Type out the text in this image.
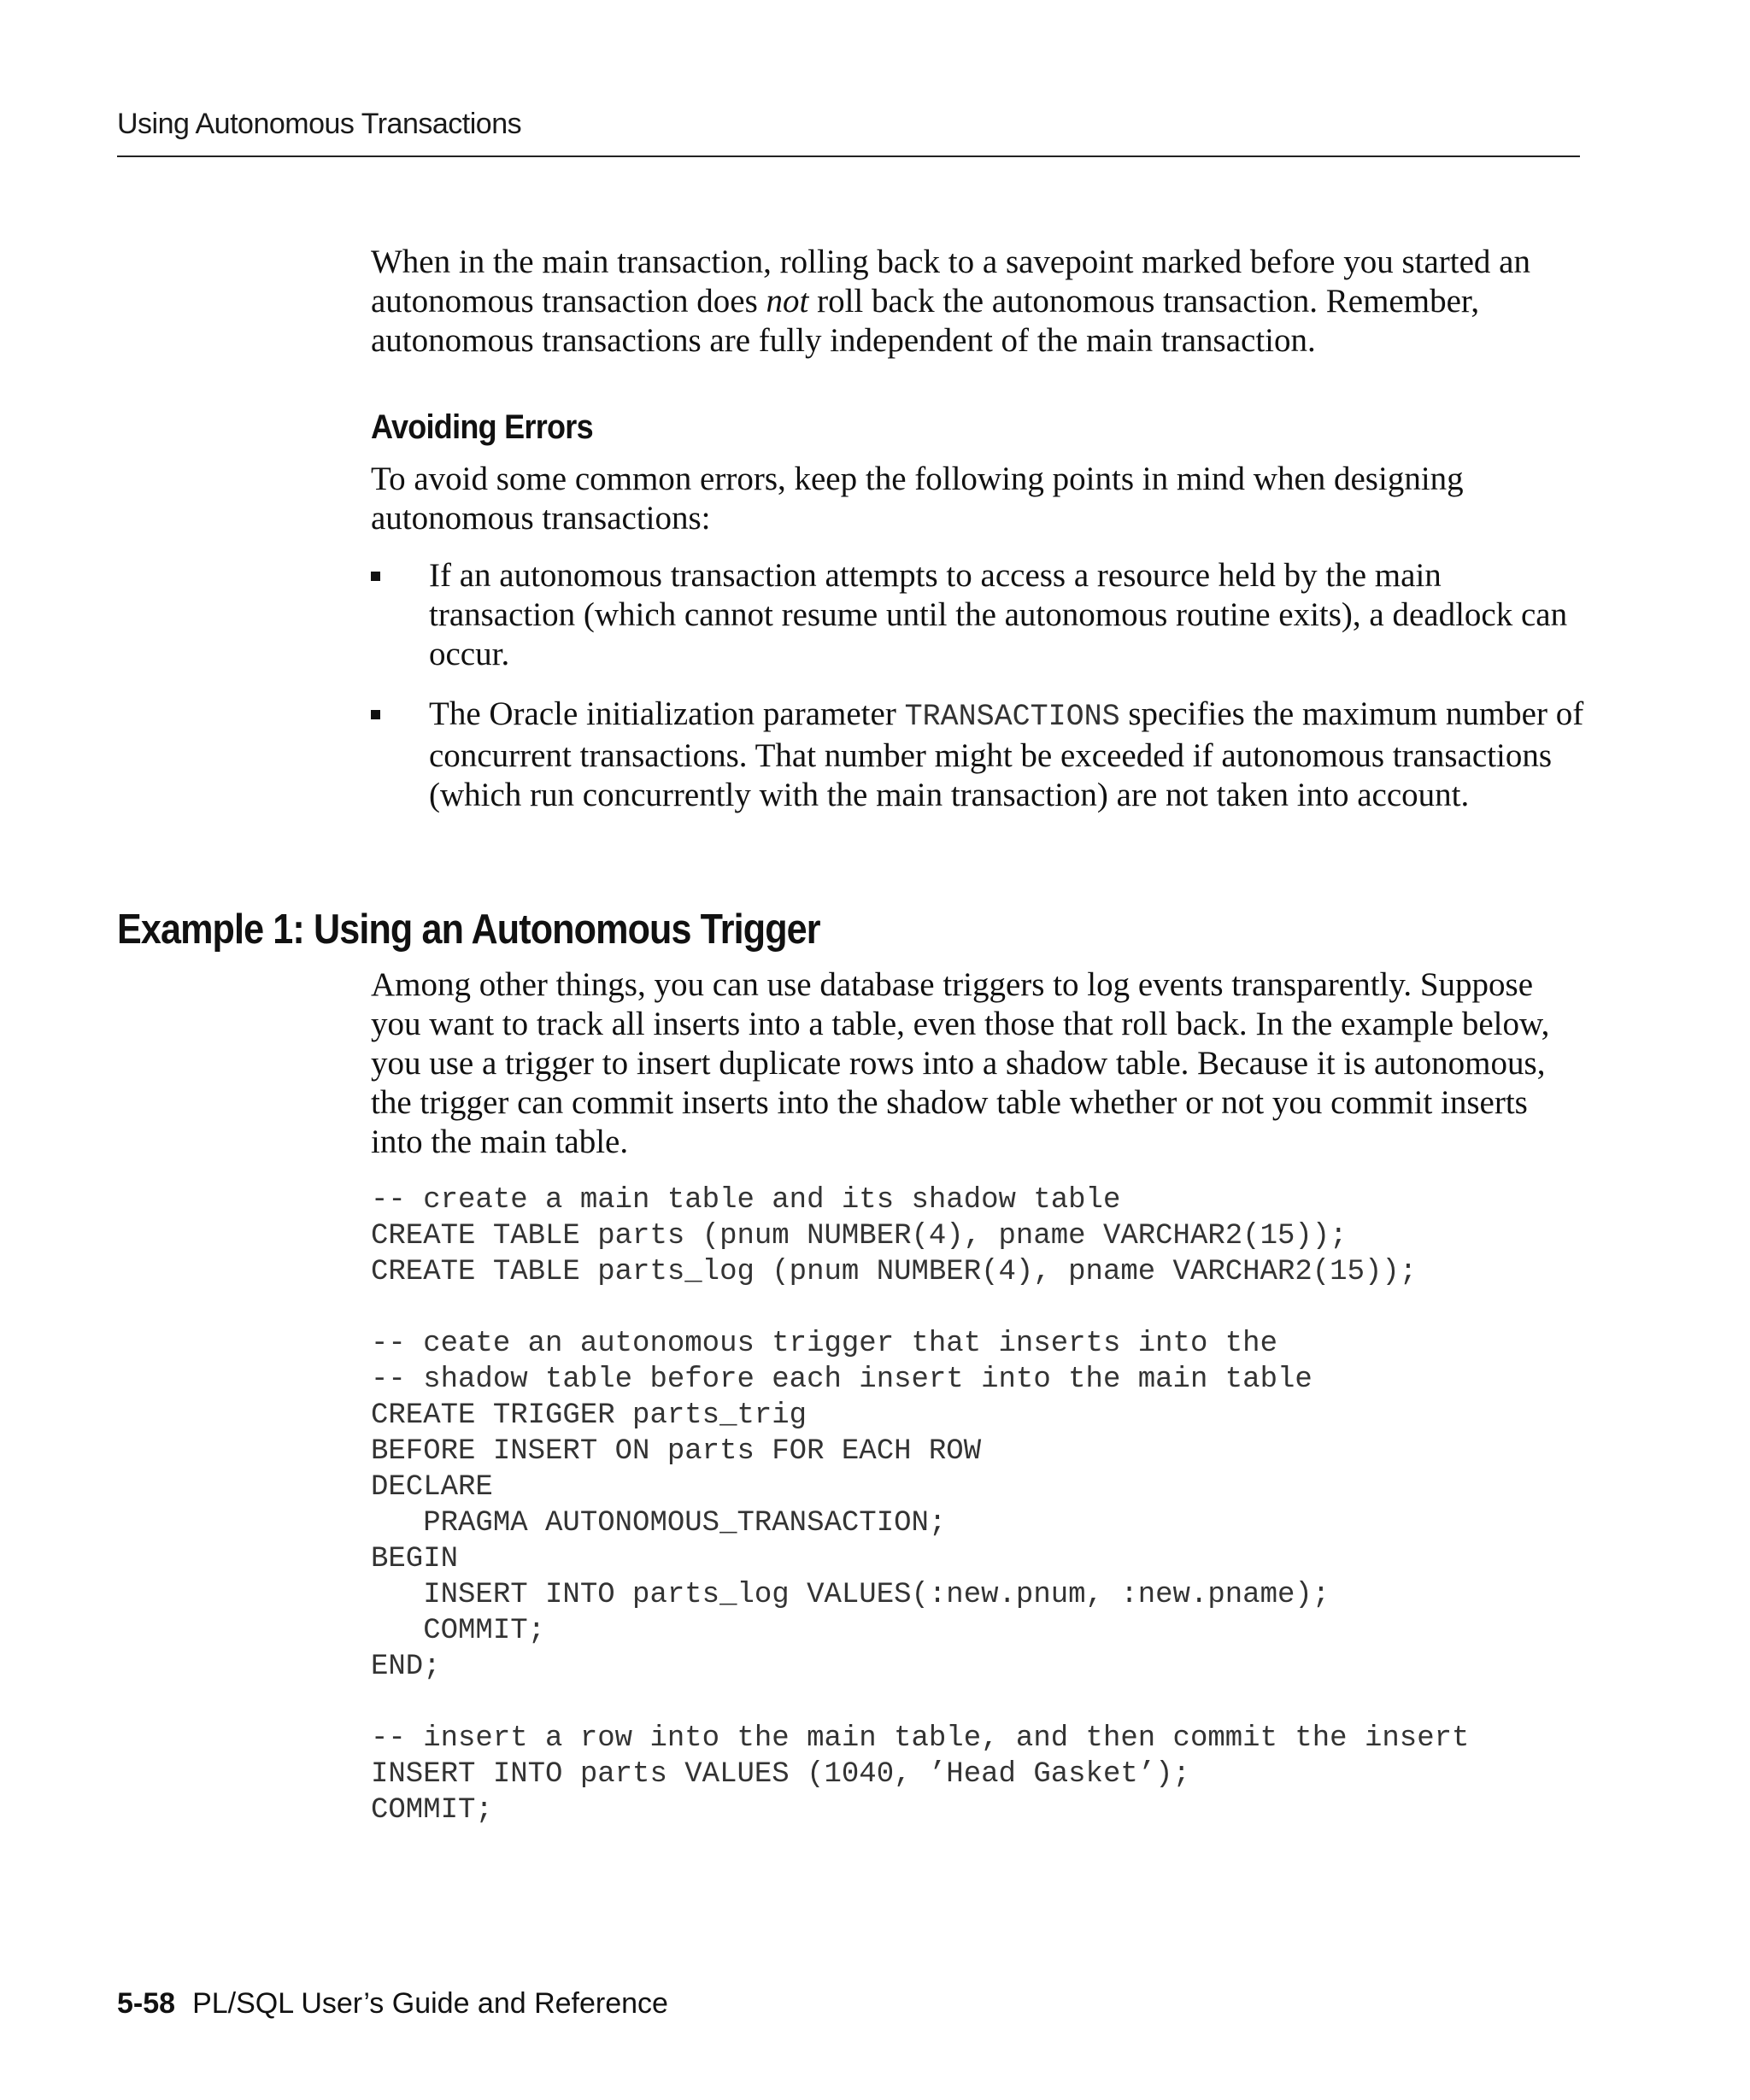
Using Autonomous Transactions

When in the main transaction, rolling back to a savepoint marked before you started an autonomous transaction does not roll back the autonomous transaction. Remember, autonomous transactions are fully independent of the main transaction.

Avoiding Errors

To avoid some common errors, keep the following points in mind when designing autonomous transactions:

If an autonomous transaction attempts to access a resource held by the main transaction (which cannot resume until the autonomous routine exits), a deadlock can occur.
The Oracle initialization parameter TRANSACTIONS specifies the maximum number of concurrent transactions. That number might be exceeded if autonomous transactions (which run concurrently with the main transaction) are not taken into account.
Example 1: Using an Autonomous Trigger

Among other things, you can use database triggers to log events transparently. Suppose you want to track all inserts into a table, even those that roll back. In the example below, you use a trigger to insert duplicate rows into a shadow table. Because it is autonomous, the trigger can commit inserts into the shadow table whether or not you commit inserts into the main table.

-- create a main table and its shadow table
CREATE TABLE parts (pnum NUMBER(4), pname VARCHAR2(15));
CREATE TABLE parts_log (pnum NUMBER(4), pname VARCHAR2(15));
-- ceate an autonomous trigger that inserts into the
-- shadow table before each insert into the main table
CREATE TRIGGER parts_trig
BEFORE INSERT ON parts FOR EACH ROW
DECLARE
PRAGMA AUTONOMOUS_TRANSACTION;
BEGIN
INSERT INTO parts_log VALUES(:new.pnum, :new.pname);
COMMIT;
END;
-- insert a row into the main table, and then commit the insert
INSERT INTO parts VALUES (1040, ’Head Gasket’);
COMMIT;
5-58 PL/SQL User’s Guide and Reference
